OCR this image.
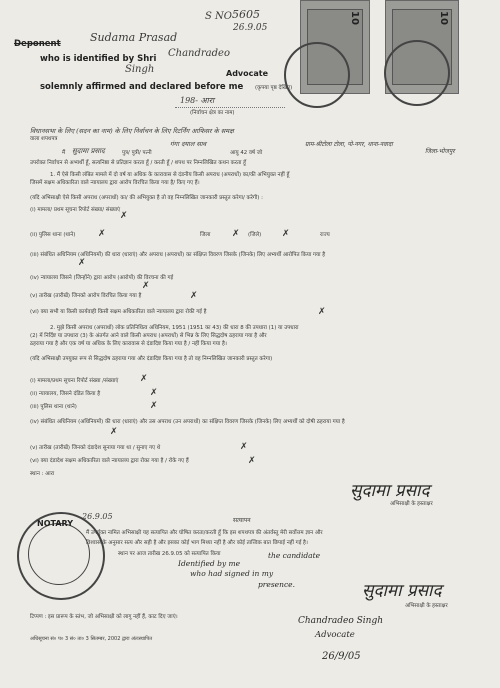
S NO 5605
26.9.05
Deponent	Sudama Prasad
who is identified by Shri Chandradeo
Singh	Advocate
solemnly affirmed and declared before me (कृपया पृष्ठ देखिए)
198- आरा
(निर्वाचन क्षेत्र का नाम)
10	10
विधानसभा के लिए (सदन का नाम) के लिए निर्वाचन के लिए रिटर्निंग आफिसर के समक्ष
वाला शपथपत्र
मैं सुदामा प्रसाद	पुत्र/ पुत्री/ पत्नी
गंगा दयाल साव
आयु 42 वर्ष जो
ग्राम-श्रीटोला टोला, पो-नगर, थाना-नवादा
जिला-भोजपुर
उपरोक्त निर्वाचन से अभ्यर्थी हूँ, सत्यनिष्ठा से प्रतिज्ञान करता हूँ / करती हूँ / शपथ पर निम्नलिखित कथन करता हूँ
1. मैं ऐसे किसी लंबित मामले में दो वर्ष या अधिक के कारावास से दंडनीय किसी अपराध (अपराधों) का/की अभियुक्त नहीं हूँ
जिसमें सक्षम अधिकारिता वाले न्यायालय द्वारा आरोप विरचित किया गया है/ किए गए हैं।
(यदि अभिसाक्षी ऐसे किसी अपराध (अपराधों) का/ की अभियुक्त है तो वह निम्नलिखित जानकारी प्रस्तुत करेगा/ करेगी) :
(i) मामला/ प्रथम सूचना रिपोर्ट संख्या/ संख्याएं
✗
(ii) पुलिस थाना (थाने)	✗	जिला ✗ (जिले) ✗	राज्य
(iii) संबंधित अधिनियम (अधिनियमों) की धारा (धाराएं) और अपराध (अपराधों) का संक्षिप्त विवरण जिसके (जिनके) लिए अभ्यर्थी आरोपित किया गया है
✗
(iv) न्यायालय जिसने (जिन्होंने) द्वारा आरोप (आरोपों) की विरचना की गई
✗
(v) तारीख (तारीखें) जिनको आरोप विरचित किया गया है	✗
(vi) क्या सभी या किसी कार्यवाही किसी सक्षम अधिकारिता वाले न्यायालय द्वारा रोकी गई है	✗
2. मुझे किसी अपराध (अपराधों) लोक प्रतिनिधित्व अधिनियम, 1951 (1951 का 43) की धारा 8 की उपधारा (1) या उपधारा
(2) में निर्दिष्ट या उपधारा (3) के अंतर्गत आने वाले किसी अपराध (अपराधों) से भिन्न के लिए सिद्धदोष ठहराया गया है और
ठहराया गया है और एक वर्ष या अधिक के लिए कारावास से दंडादिष्ट किया गया है / नहीं किया गया है।
(यदि अभिसाक्षी उपयुक्त रूप से सिद्धदोष ठहराया गया और दंडादिष्ट किया गया है तो वह निम्नलिखित जानकारी प्रस्तुत करेगा)
(i) मामला/प्रथम सूचना रिपोर्ट संख्या /संख्याएं ✗
(ii) न्यायालय, जिसने दंडित किया है	✗
(iii) पुलिस थाना (थाने)	✗
(iv) संबंधित अधिनियम (अधिनियमों) की धारा (धाराएं) और उस अपराध (उन अपराधों) का संक्षिप्त विवरण जिसके (जिनके) लिए अभ्यर्थी को दोषी ठहराया गया है
✗
(v) तारीख (तारीखें) जिनको दंडादेश सुनाया गया था / सुनाए गए थे	✗
(vi) क्या दंडादेश सक्षम अधिकारिता वाले न्यायालय द्वारा रोका गया है / रोके गए हैं	✗
स्थान : आरा
सुदामा प्रसाद
अभिसाक्षी के हस्ताक्षर
NOTARY
26.9.05	सत्यापन
मैं उपर्युक्त नामित अभिसाक्षी यह सत्यापित और घोषित करता/करती हूँ कि इस शपथपत्र की अंतर्वस्तु मेरी सर्वोत्तम ज्ञान और
विश्वास के अनुसार सत्य और सही है और इसका कोई भाग मिथ्या नहीं है और कोई तात्त्विक बात छिपाई नहीं गई है।
स्थान पर आज तारीख 26.9.05 को सत्यापित किया
Identified by me
the candidate
who had signed in my
presence.	सुदामा प्रसाद
अभिसाक्षी के हस्ताक्षर
टिप्पण : इस प्रारूप के स्तंभ, जो अभिसाक्षी को लागू नहीं हैं, काट दिए जाएं।	Chandradeo Singh
Advocate
26/9/05
अधिसूचना सं० प० 3 सं० ता० 3 सितम्बर, 2002 द्वारा अंतःस्थापित
